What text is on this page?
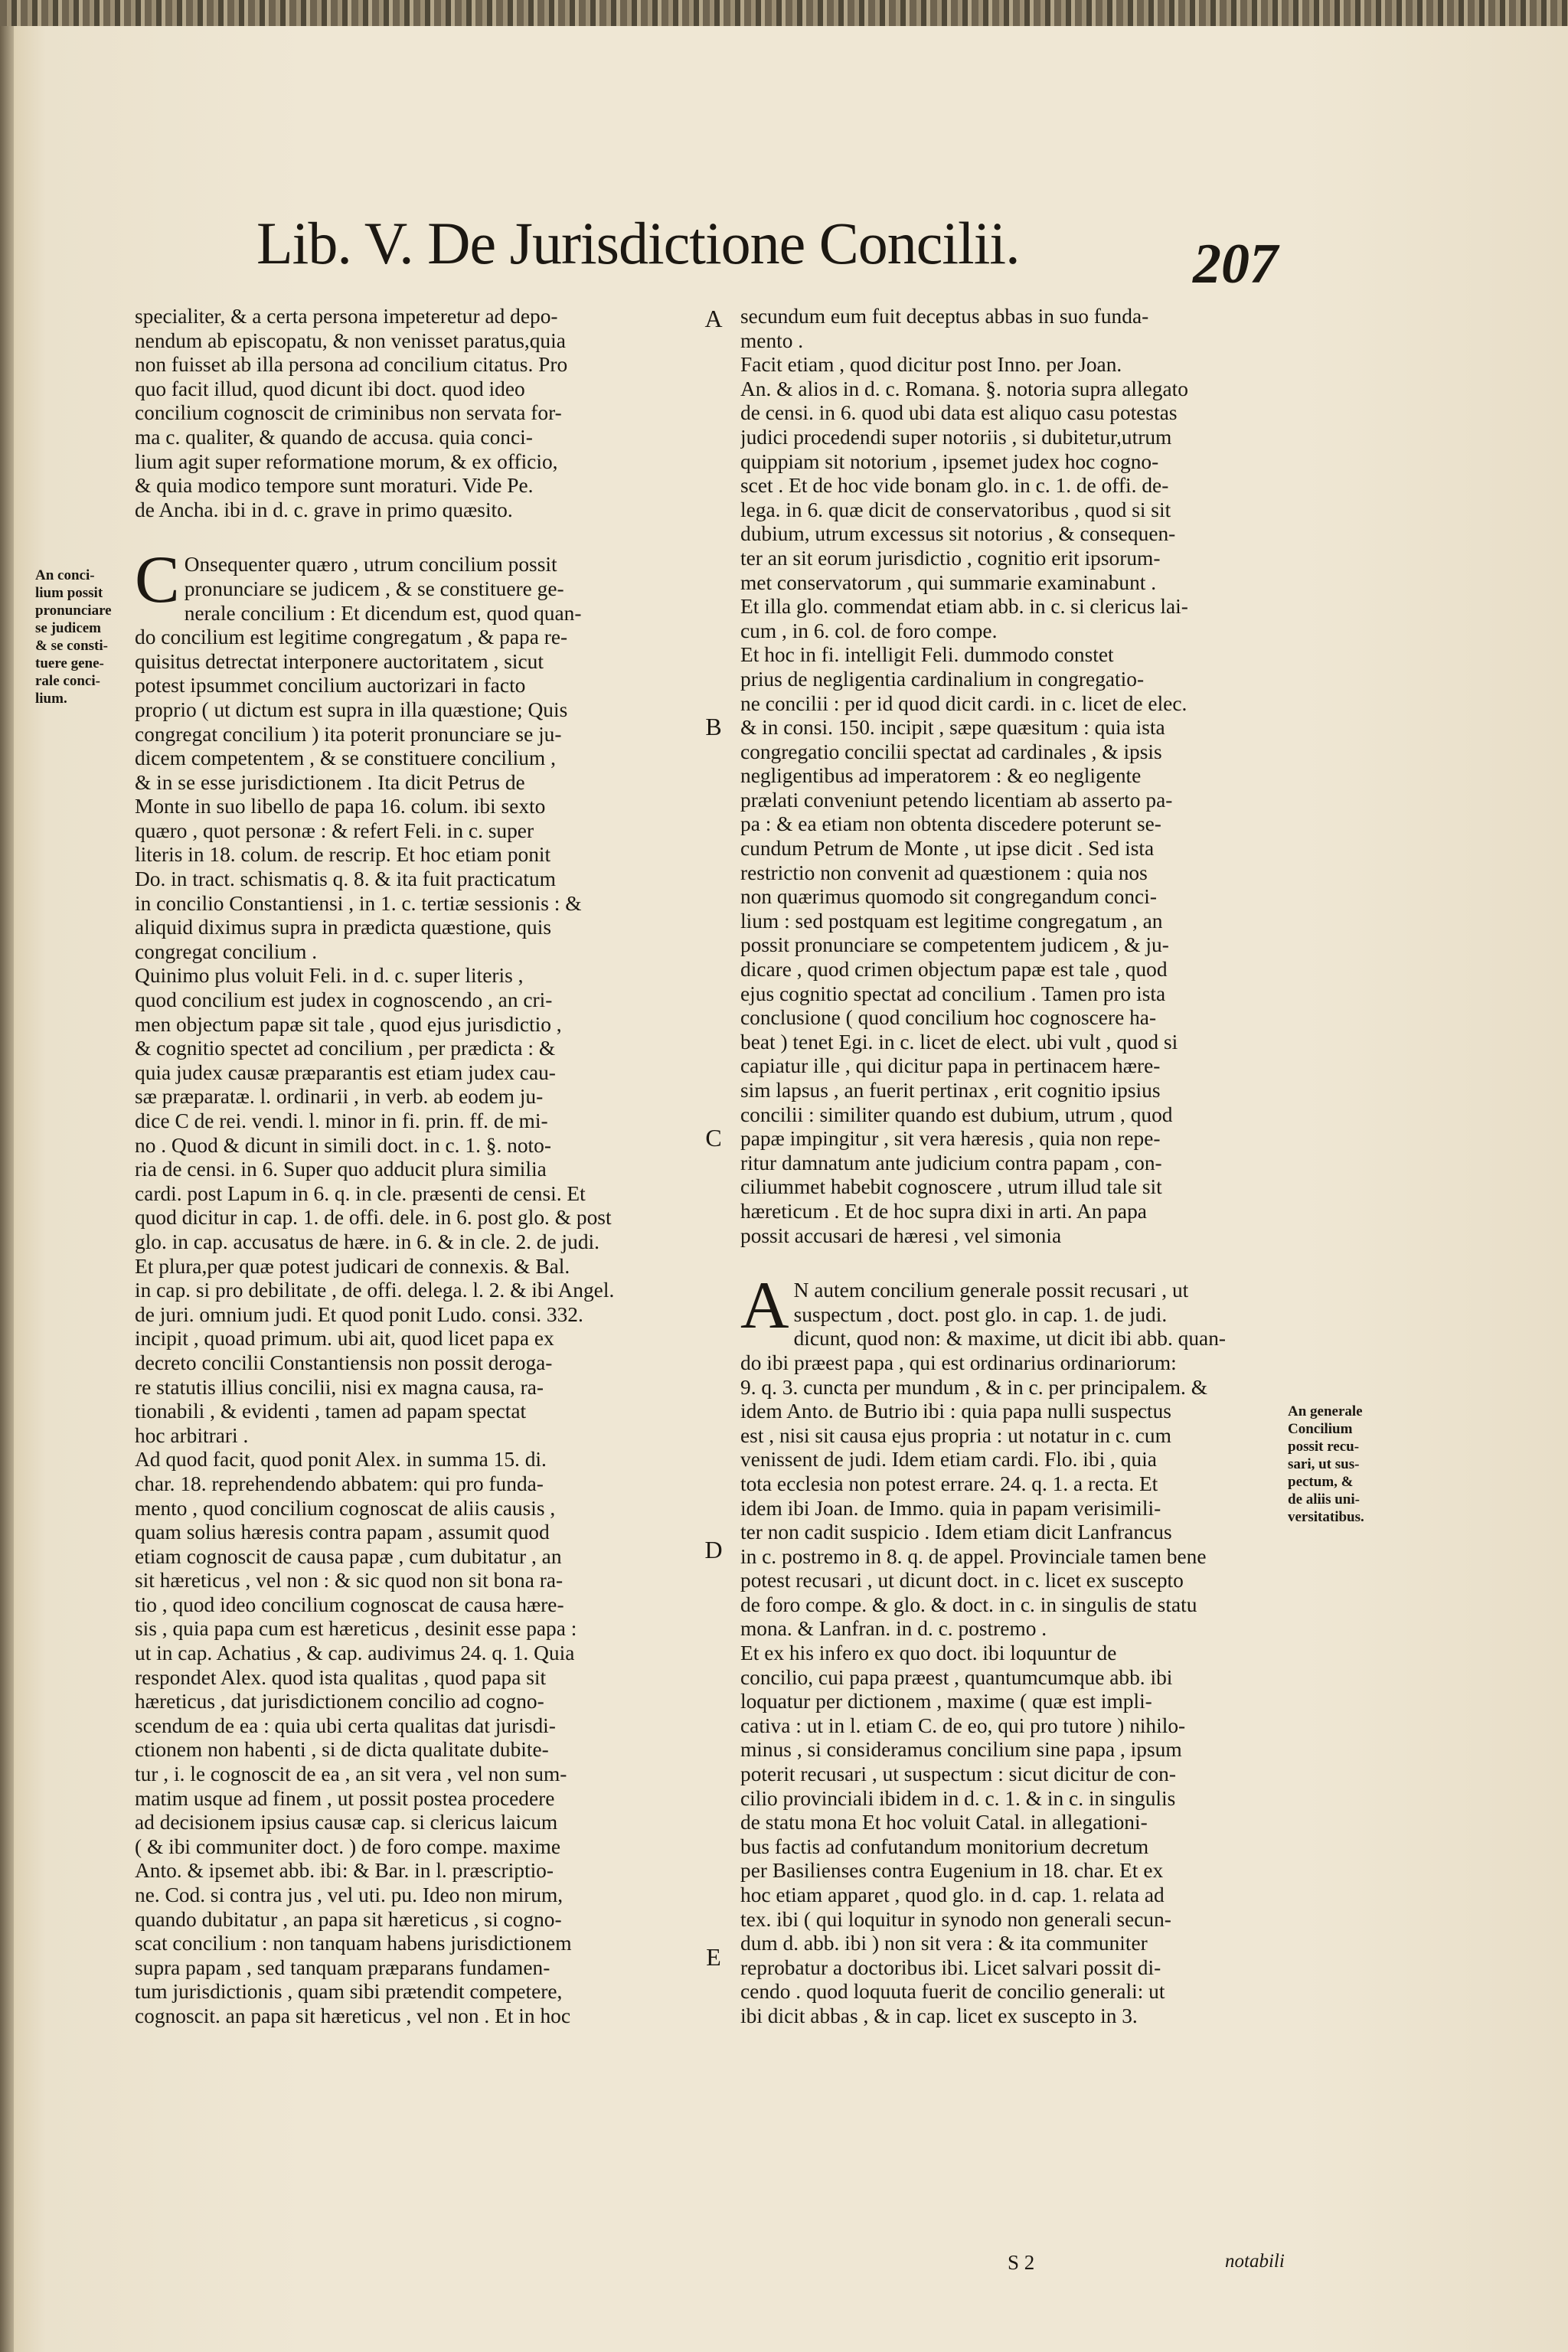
Lib. V. De Jurisdictione Concilii.	207
A
B
C
D
E
An conci-
lium possit
pronunciare
se judicem
& se consti-
tuere gene-
rale conci-
lium.
An generale
Concilium
possit recu-
sari, ut sus-
pectum, &
de aliis uni-
versitatibus.

specialiter, & a certa persona impeteretur ad depo-
nendum ab episcopatu, & non venisset paratus,quia
non fuisset ab illa persona ad concilium citatus. Pro
quo facit illud, quod dicunt ibi doct. quod ideo
concilium cognoscit de criminibus non servata for-
ma c. qualiter, & quando de accusa. quia conci-
lium agit super reformatione morum, & ex officio,
& quia modico tempore sunt moraturi. Vide Pe.
de Ancha. ibi in d. c. grave in primo quæsito.

C Onsequenter quæro , utrum concilium possit
pronunciare se judicem , & se constituere ge-
nerale concilium : Et dicendum est, quod quan-
do concilium est legitime congregatum , & papa re-
quisitus detrectat interponere auctoritatem , sicut
potest ipsummet concilium auctorizari in facto
proprio ( ut dictum est supra in illa quæstione; Quis
congregat concilium ) ita poterit pronunciare se ju-
dicem competentem , & se constituere concilium ,
& in se esse jurisdictionem . Ita dicit Petrus de
Monte in suo libello de papa 16. colum. ibi sexto
quæro , quot personæ : & refert Feli. in c. super
literis in 18. colum. de rescrip. Et hoc etiam ponit
Do. in tract. schismatis q. 8. & ita fuit practicatum
in concilio Constantiensi , in 1. c. tertiæ sessionis : &
aliquid diximus supra in prædicta quæstione, quis
congregat concilium .

Quinimo plus voluit Feli. in d. c. super literis ,
quod concilium est judex in cognoscendo , an cri-
men objectum papæ sit tale , quod ejus jurisdictio ,
& cognitio spectet ad concilium , per prædicta : &
quia judex causæ præparantis est etiam judex cau-
sæ præparatæ. l. ordinarii , in verb. ab eodem ju-
dice C de rei. vendi. l. minor in fi. prin. ff. de mi-
no . Quod & dicunt in simili doct. in c. 1. §. noto-
ria de censi. in 6. Super quo adducit plura similia
cardi. post Lapum in 6. q. in cle. præsenti de censi. Et
quod dicitur in cap. 1. de offi. dele. in 6. post glo. & post
glo. in cap. accusatus de hære. in 6. & in cle. 2. de judi.
Et plura,per quæ potest judicari de connexis. & Bal.
in cap. si pro debilitate , de offi. delega. l. 2. & ibi Angel.
de juri. omnium judi. Et quod ponit Ludo. consi. 332.
incipit , quoad primum. ubi ait, quod licet papa ex
decreto concilii Constantiensis non possit deroga-
re statutis illius concilii, nisi ex magna causa, ra-
tionabili , & evidenti , tamen ad papam spectat
hoc arbitrari .

Ad quod facit, quod ponit Alex. in summa 15. di.
char. 18. reprehendendo abbatem: qui pro funda-
mento , quod concilium cognoscat de aliis causis ,
quam solius hæresis contra papam , assumit quod
etiam cognoscit de causa papæ , cum dubitatur , an
sit hæreticus , vel non : & sic quod non sit bona ra-
tio , quod ideo concilium cognoscat de causa hære-
sis , quia papa cum est hæreticus , desinit esse papa :
ut in cap. Achatius , & cap. audivimus 24. q. 1. Quia
respondet Alex. quod ista qualitas , quod papa sit
hæreticus , dat jurisdictionem concilio ad cogno-
scendum de ea : quia ubi certa qualitas dat jurisdi-
ctionem non habenti , si de dicta qualitate dubite-
tur , i. le cognoscit de ea , an sit vera , vel non sum-
matim usque ad finem , ut possit postea procedere
ad decisionem ipsius causæ cap. si clericus laicum
( & ibi communiter doct. ) de foro compe. maxime
Anto. & ipsemet abb. ibi: & Bar. in l. præscriptio-
ne. Cod. si contra jus , vel uti. pu. Ideo non mirum,
quando dubitatur , an papa sit hæreticus , si cogno-
scat concilium : non tanquam habens jurisdictionem
supra papam , sed tanquam præparans fundamen-
tum jurisdictionis , quam sibi prætendit competere,
cognoscit. an papa sit hæreticus , vel non . Et in hoc

secundum eum fuit deceptus abbas in suo funda-
mento .

Facit etiam , quod dicitur post Inno. per Joan.
An. & alios in d. c. Romana. §. notoria supra allegato
de censi. in 6. quod ubi data est aliquo casu potestas
judici procedendi super notoriis , si dubitetur,utrum
quippiam sit notorium , ipsemet judex hoc cogno-
scet . Et de hoc vide bonam glo. in c. 1. de offi. de-
lega. in 6. quæ dicit de conservatoribus , quod si sit
dubium, utrum excessus sit notorius , & consequen-
ter an sit eorum jurisdictio , cognitio erit ipsorum-
met conservatorum , qui summarie examinabunt .
Et illa glo. commendat etiam abb. in c. si clericus lai-
cum , in 6. col. de foro compe.

Et hoc in fi. intelligit Feli. dummodo constet
prius de negligentia cardinalium in congregatio-
ne concilii : per id quod dicit cardi. in c. licet de elec.
& in consi. 150. incipit , sæpe quæsitum : quia ista
congregatio concilii spectat ad cardinales , & ipsis
negligentibus ad imperatorem : & eo negligente
prælati conveniunt petendo licentiam ab asserto pa-
pa : & ea etiam non obtenta discedere poterunt se-
cundum Petrum de Monte , ut ipse dicit . Sed ista
restrictio non convenit ad quæstionem : quia nos
non quærimus quomodo sit congregandum conci-
lium : sed postquam est legitime congregatum , an
possit pronunciare se competentem judicem , & ju-
dicare , quod crimen objectum papæ est tale , quod
ejus cognitio spectat ad concilium . Tamen pro ista
conclusione ( quod concilium hoc cognoscere ha-
beat ) tenet Egi. in c. licet de elect. ubi vult , quod si
capiatur ille , qui dicitur papa in pertinacem hære-
sim lapsus , an fuerit pertinax , erit cognitio ipsius
concilii : similiter quando est dubium, utrum , quod
papæ impingitur , sit vera hæresis , quia non repe-
ritur damnatum ante judicium contra papam , con-
ciliummet habebit cognoscere , utrum illud tale sit
hæreticum . Et de hoc supra dixi in arti. An papa
possit accusari de hæresi , vel simonia

A N autem concilium generale possit recusari , ut
suspectum , doct. post glo. in cap. 1. de judi.
dicunt, quod non: & maxime, ut dicit ibi abb. quan-
do ibi præest papa , qui est ordinarius ordinariorum:
9. q. 3. cuncta per mundum , & in c. per principalem. &
idem Anto. de Butrio ibi : quia papa nulli suspectus
est , nisi sit causa ejus propria : ut notatur in c. cum
venissent de judi. Idem etiam cardi. Flo. ibi , quia
tota ecclesia non potest errare. 24. q. 1. a recta. Et
idem ibi Joan. de Immo. quia in papam verisimili-
ter non cadit suspicio . Idem etiam dicit Lanfrancus
in c. postremo in 8. q. de appel. Provinciale tamen bene
potest recusari , ut dicunt doct. in c. licet ex suscepto
de foro compe. & glo. & doct. in c. in singulis de statu
mona. & Lanfran. in d. c. postremo .

Et ex his infero ex quo doct. ibi loquuntur de
concilio, cui papa præest , quantumcumque abb. ibi
loquatur per dictionem , maxime ( quæ est impli-
cativa : ut in l. etiam C. de eo, qui pro tutore ) nihilo-
minus , si consideramus concilium sine papa , ipsum
poterit recusari , ut suspectum : sicut dicitur de con-
cilio provinciali ibidem in d. c. 1. & in c. in singulis
de statu mona Et hoc voluit Catal. in allegationi-
bus factis ad confutandum monitorium decretum
per Basilienses contra Eugenium in 18. char. Et ex
hoc etiam apparet , quod glo. in d. cap. 1. relata ad
tex. ibi ( qui loquitur in synodo non generali secun-
dum d. abb. ibi ) non sit vera : & ita communiter
reprobatur a doctoribus ibi. Licet salvari possit di-
cendo . quod loquuta fuerit de concilio generali: ut
ibi dicit abbas , & in cap. licet ex suscepto in 3.

S 2	notabili
